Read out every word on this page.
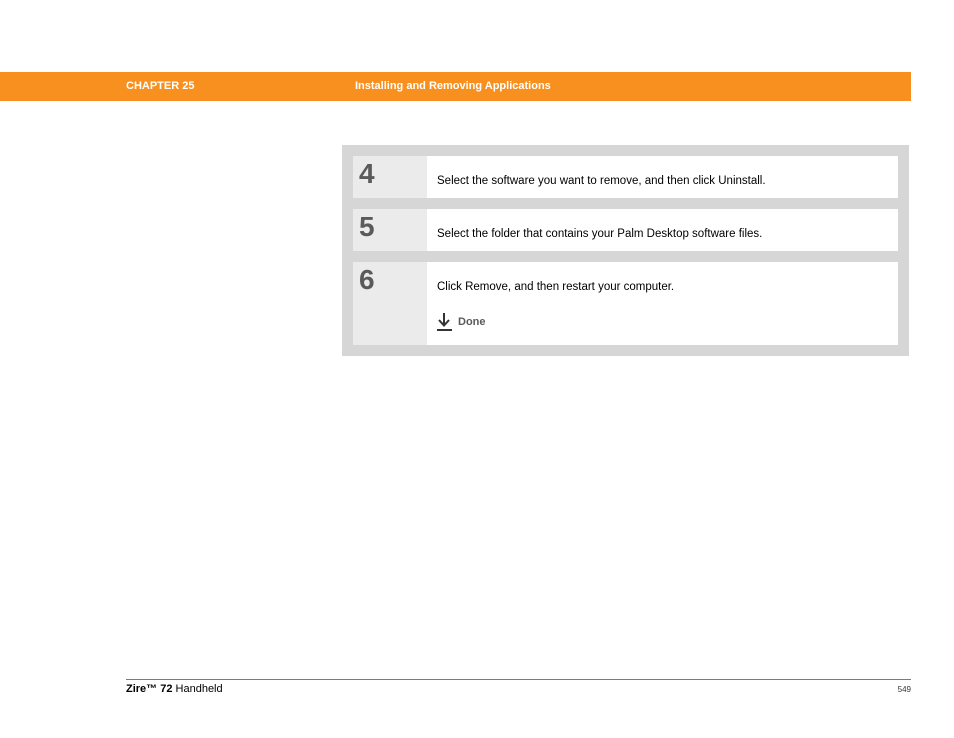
CHAPTER 25	Installing and Removing Applications
4	Select the software you want to remove, and then click Uninstall.
5	Select the folder that contains your Palm Desktop software files.
6	Click Remove, and then restart your computer.
Done
Zire™ 72 Handheld	549
